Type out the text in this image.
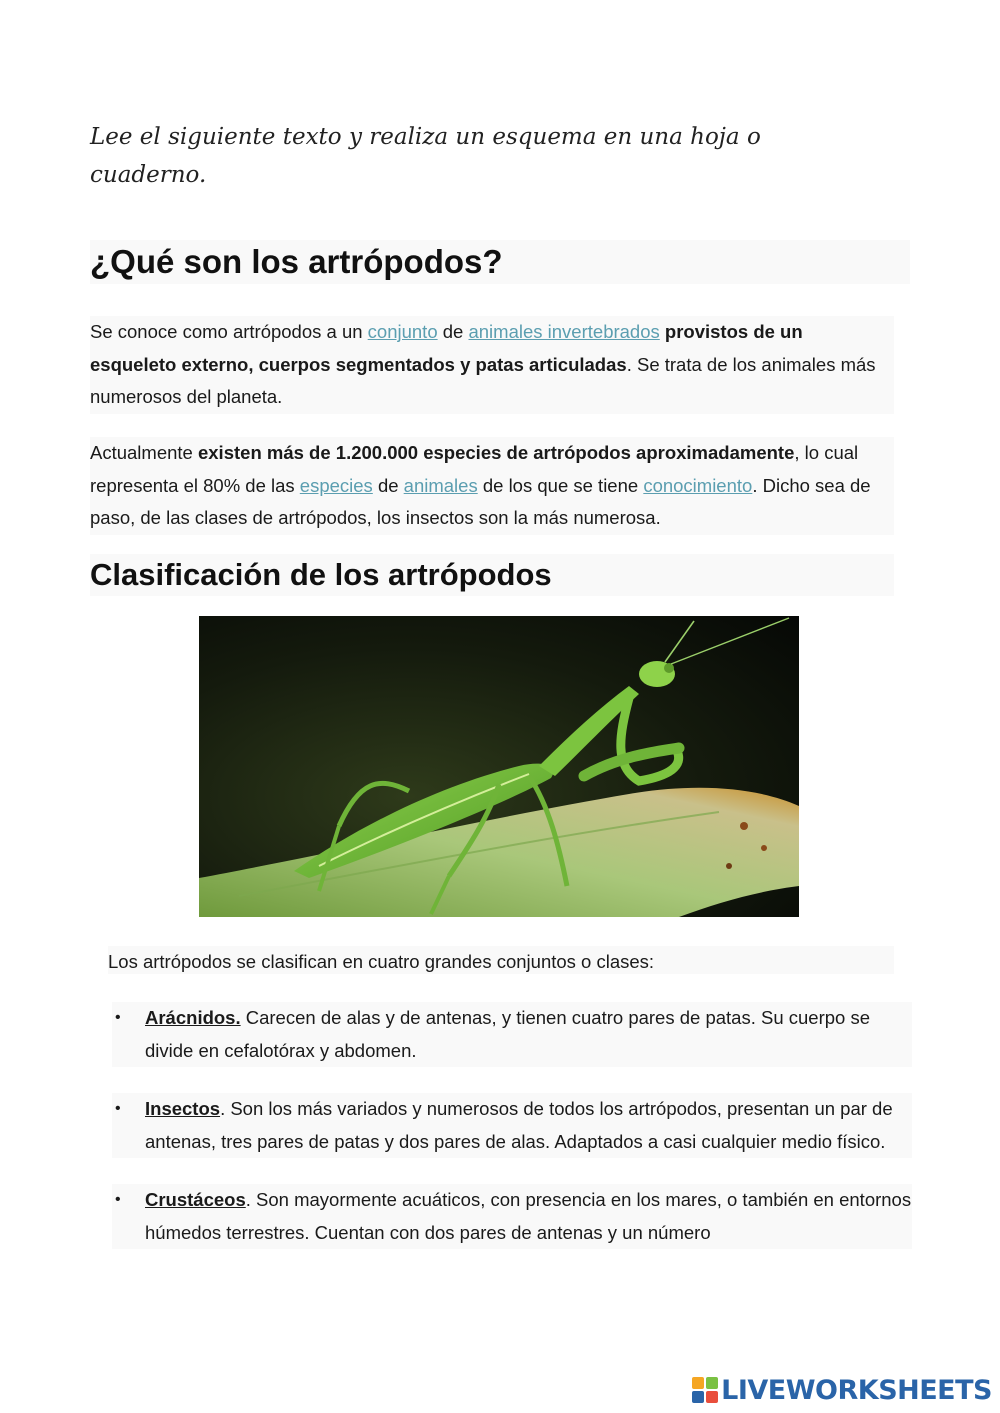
Lee el siguiente texto y realiza un esquema en una hoja o cuaderno.
¿Qué son los artrópodos?

Se conoce como artrópodos a un conjunto de animales invertebrados provistos de un esqueleto externo, cuerpos segmentados y patas articuladas. Se trata de los animales más numerosos del planeta.

Actualmente existen más de 1.200.000 especies de artrópodos aproximadamente, lo cual representa el 80% de las especies de animales de los que se tiene conocimiento. Dicho sea de paso, de las clases de artrópodos, los insectos son la más numerosa.

Clasificación de los artrópodos
Los artrópodos se clasifican en cuatro grandes conjuntos o clases:
• Arácnidos. Carecen de alas y de antenas, y tienen cuatro pares de patas. Su cuerpo se divide en cefalotórax y abdomen.
• Insectos. Son los más variados y numerosos de todos los artrópodos, presentan un par de antenas, tres pares de patas y dos pares de alas. Adaptados a casi cualquier medio físico.
• Crustáceos. Son mayormente acuáticos, con presencia en los mares, o también en entornos húmedos terrestres. Cuentan con dos pares de antenas y un número
LIVEWORKSHEETS
